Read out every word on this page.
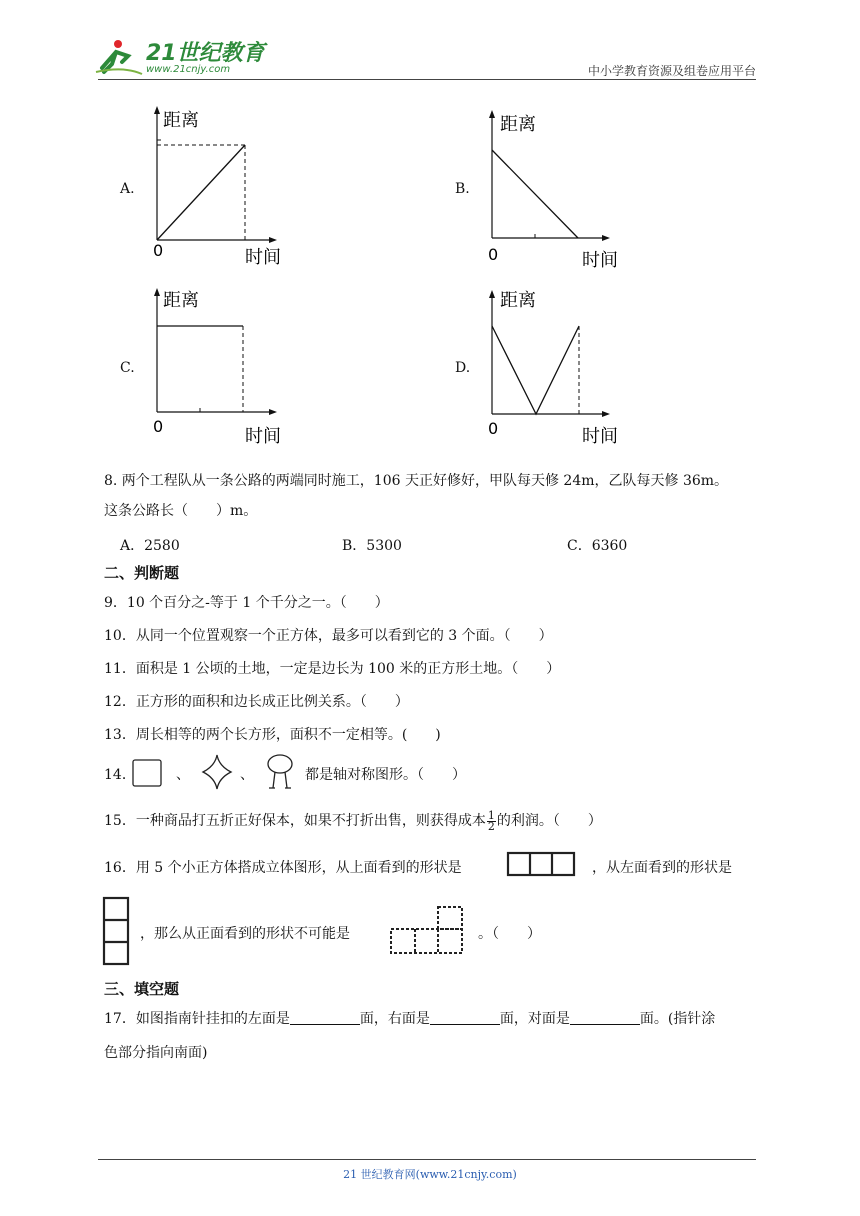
21世纪教育
www.21cnjy.com	中小学教育资源及组卷应用平台
A.	B.
C.	D.
距离
0	时间
距离
0	时间
距离
0	时间
距离
0	时间
8. 两个工程队从一条公路的两端同时施工，106 天正好修好，甲队每天修 24m，乙队每天修 36m。
这条公路长（　　）m。
A．2580	B．5300	C．6360
二、判断题
9．10 个百分之-等于 1 个千分之一。（　　）
10．从同一个位置观察一个正方体，最多可以看到它的 3 个面。（　　）
11．面积是 1 公顷的土地，一定是边长为 100 米的正方形土地。（　　）
12．正方形的面积和边长成正比例关系。（　　）
13．周长相等的两个长方形，面积不一定相等。(　　)
14．	、	、	都是轴对称图形。（　　）
15．一种商品打五折正好保本，如果不打折出售，则获得成本 $\frac{1}{2}$ 的利润。（　　）
16．用 5 个小正方体搭成立体图形，从上面看到的形状是	，从左面看到的形状是
，那么从正面看到的形状不可能是	。（　　）
三、填空题
17．如图指南针挂扣的左面是	面，右面是	面，对面是	面。(指针涂
色部分指向南面)
21 世纪教育网(www.21cnjy.com)
